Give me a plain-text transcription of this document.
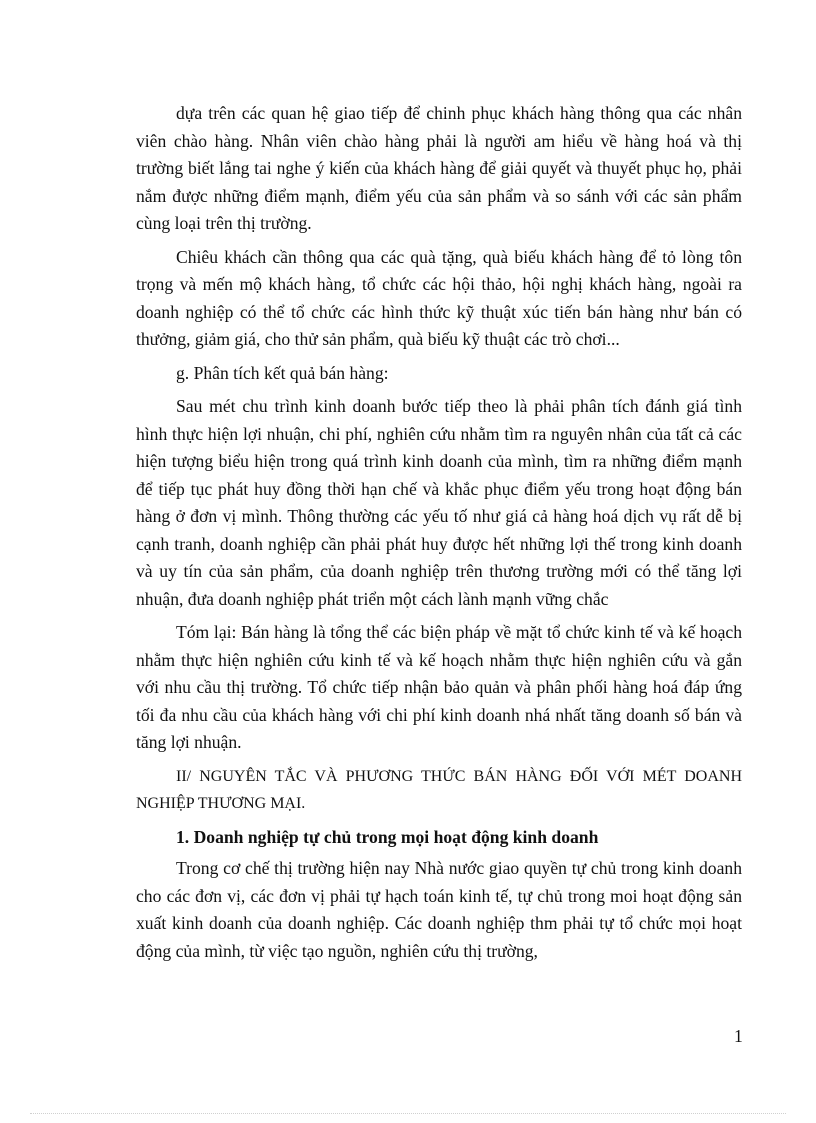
dựa trên các quan hệ giao tiếp để chinh phục khách hàng thông qua các nhân viên chào hàng. Nhân viên chào hàng phải là người am hiểu về hàng hoá và thị trường biết lắng tai nghe ý kiến của khách hàng để giải quyết và thuyết phục họ, phải nắm được những điểm mạnh, điểm yếu của sản phẩm và so sánh với các sản phẩm cùng loại trên thị trường.

Chiêu khách cần thông qua các quà tặng, quà biếu khách hàng để tỏ lòng tôn trọng và mến mộ khách hàng, tổ chức các hội thảo, hội nghị khách hàng, ngoài ra doanh nghiệp có thể tổ chức các hình thức kỹ thuật xúc tiến bán hàng như bán có thưởng, giảm giá, cho thử sản phẩm, quà biếu kỹ thuật các trò chơi...

g. Phân tích kết quả bán hàng:

Sau mét chu trình kinh doanh bước tiếp theo là phải phân tích đánh giá tình hình thực hiện lợi nhuận, chi phí, nghiên cứu nhằm tìm ra nguyên nhân của tất cả các hiện tượng biểu hiện trong quá trình kinh doanh của mình, tìm ra những điểm mạnh để tiếp tục phát huy đồng thời hạn chế và khắc phục điểm yếu trong hoạt động bán hàng ở đơn vị mình. Thông thường các yếu tố như giá cả hàng hoá dịch vụ rất dễ bị cạnh tranh, doanh nghiệp cần phải phát huy được hết những lợi thế trong kinh doanh và uy tín của sản phẩm, của doanh nghiệp trên thương trường mới có thể tăng lợi nhuận, đưa doanh nghiệp phát triển một cách lành mạnh vững chắc

Tóm lại: Bán hàng là tổng thể các biện pháp về mặt tổ chức kinh tế và kế hoạch nhằm thực hiện nghiên cứu kinh tế và kế hoạch nhằm thực hiện nghiên cứu và gắn với nhu cầu thị trường. Tổ chức tiếp nhận bảo quản và phân phối hàng hoá đáp ứng tối đa nhu cầu của khách hàng với chi phí kinh doanh nhá nhất tăng doanh số bán và tăng lợi nhuận.

II/ NGUYÊN TẮC VÀ PHƯƠNG THỨC BÁN HÀNG ĐỐI VỚI MÉT DOANH NGHIỆP THƯƠNG MẠI.

1. Doanh nghiệp tự chủ trong mọi hoạt động kinh doanh

Trong cơ chế thị trường hiện nay Nhà nước giao quyền tự chủ trong kinh doanh cho các đơn vị, các đơn vị phải tự hạch toán kinh tế, tự chủ trong moi hoạt động sản xuất kinh doanh của doanh nghiệp. Các doanh nghiệp thm phải tự tổ chức mọi hoạt động của mình, từ việc tạo nguồn, nghiên cứu thị trường,

1
